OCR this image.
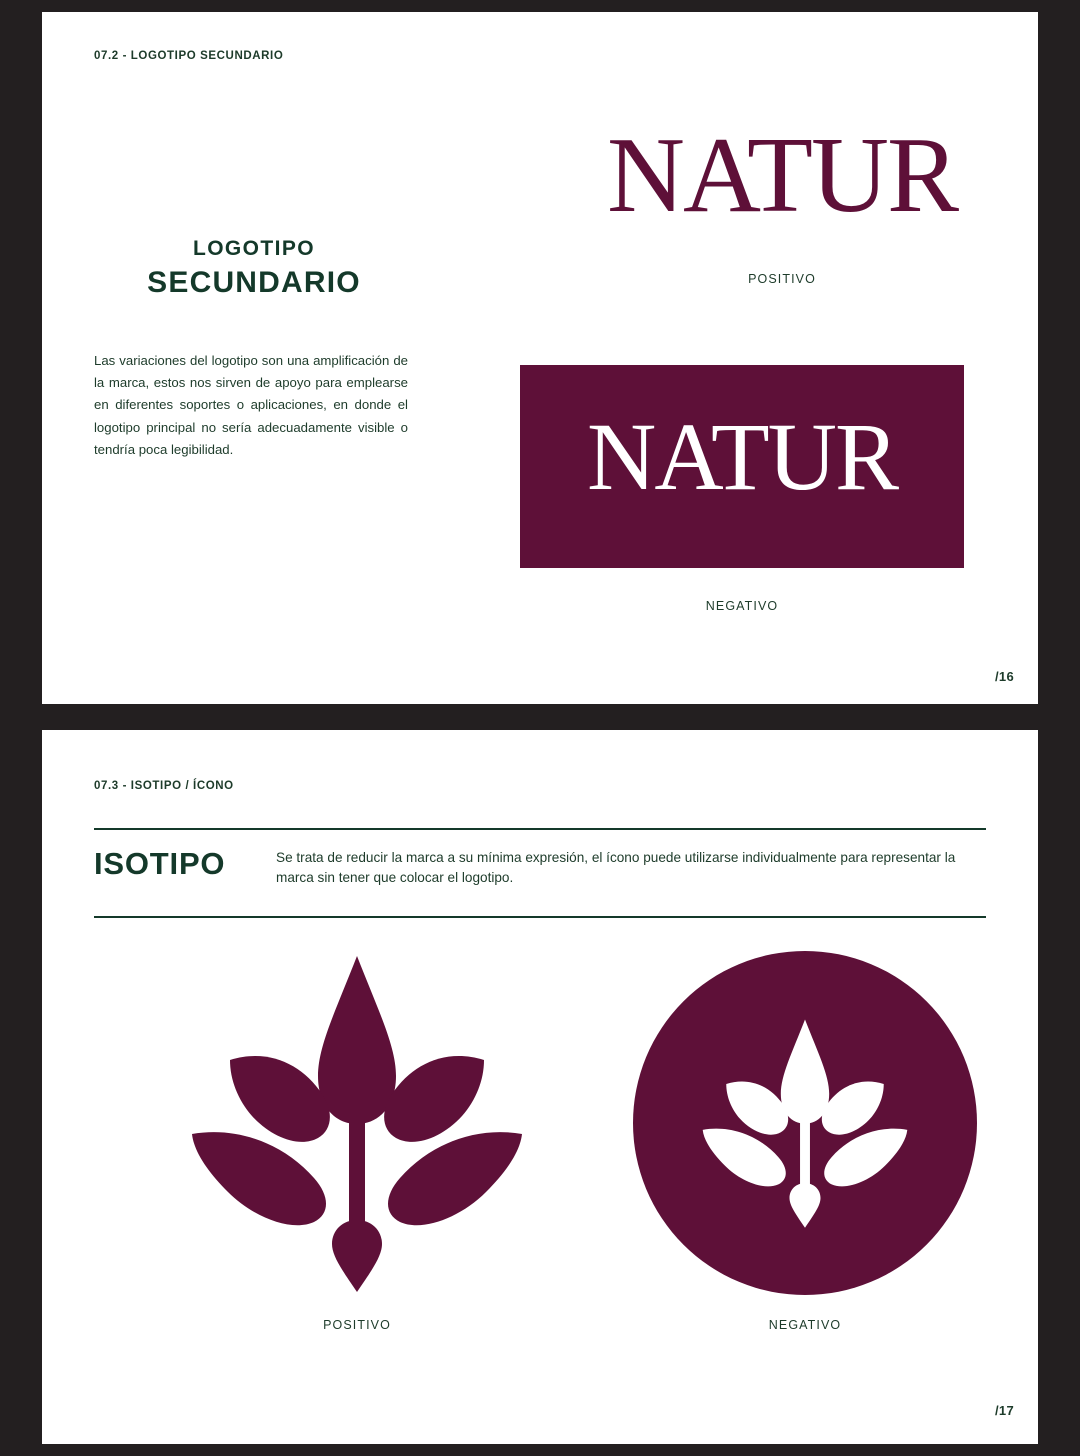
07.2 - LOGOTIPO SECUNDARIO
LOGOTIPO
SECUNDARIO
Las variaciones del logotipo son una amplificación de la marca, estos nos sirven de apoyo para emplearse en diferentes soportes o aplicaciones, en donde el logotipo principal no sería adecuadamente visible o tendría poca legibilidad.
NATUR
POSITIVO
NATUR
NEGATIVO
/16
07.3 - ISOTIPO / ÍCONO
ISOTIPO	Se trata de reducir la marca a su mínima expresión, el ícono puede utilizarse individualmente para representar la marca sin tener que colocar el logotipo.
POSITIVO	NEGATIVO
/17
